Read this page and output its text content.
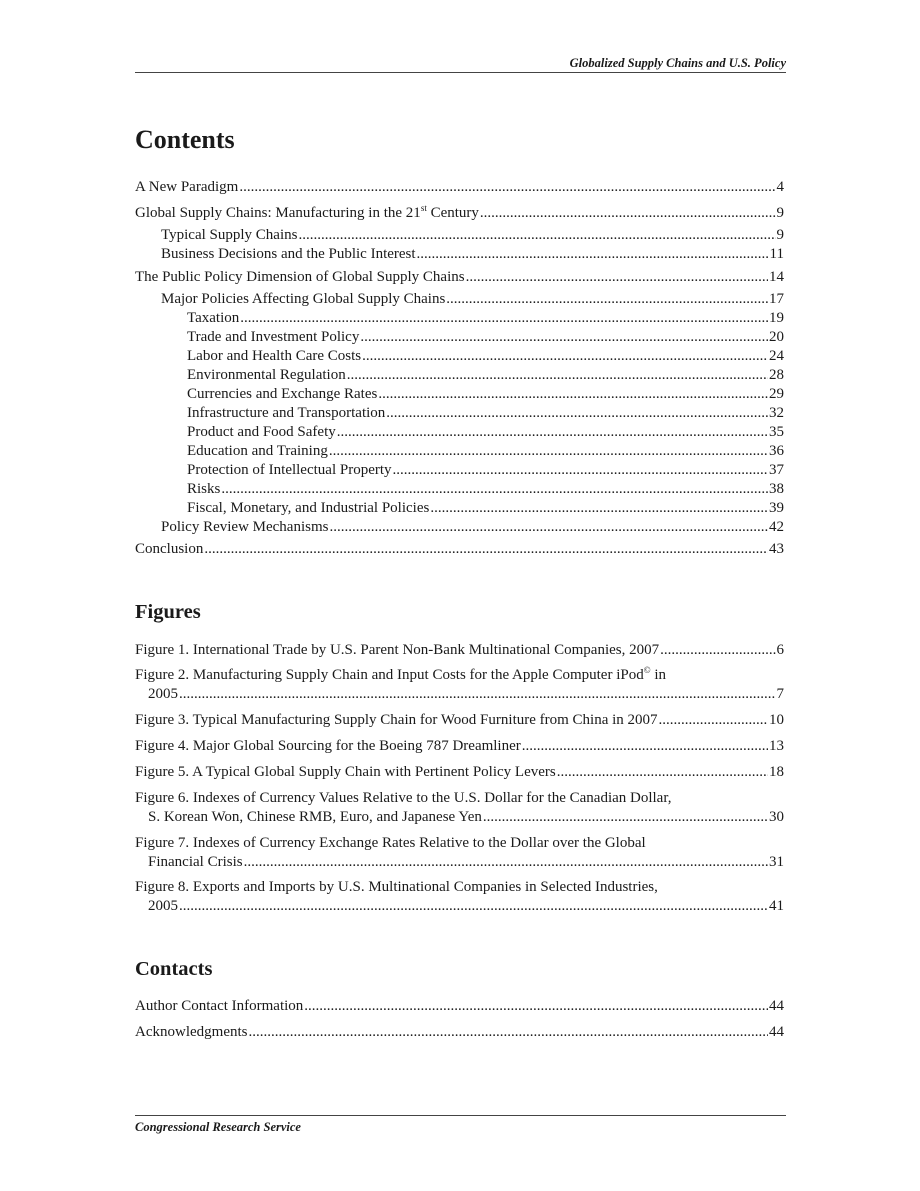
Globalized Supply Chains and U.S. Policy
Contents
A New Paradigm .....	4
Global Supply Chains: Manufacturing in the 21st Century .....	9
Typical Supply Chains .....	9
Business Decisions and the Public Interest .....	11
The Public Policy Dimension of Global Supply Chains .....	14
Major Policies Affecting Global Supply Chains .....	17
Taxation .....	19
Trade and Investment Policy .....	20
Labor and Health Care Costs .....	24
Environmental Regulation .....	28
Currencies and Exchange Rates .....	29
Infrastructure and Transportation .....	32
Product and Food Safety .....	35
Education and Training .....	36
Protection of Intellectual Property .....	37
Risks .....	38
Fiscal, Monetary, and Industrial Policies .....	39
Policy Review Mechanisms .....	42
Conclusion .....	43
Figures
Figure 1. International Trade by U.S. Parent Non-Bank Multinational Companies, 2007 .....	6
Figure 2. Manufacturing Supply Chain and Input Costs for the Apple Computer iPod© in
2005 .....	7
Figure 3. Typical Manufacturing Supply Chain for Wood Furniture from China in 2007 .....	10
Figure 4. Major Global Sourcing for the Boeing 787 Dreamliner .....	13
Figure 5. A Typical Global Supply Chain with Pertinent Policy Levers .....	18
Figure 6. Indexes of Currency Values Relative to the U.S. Dollar for the Canadian Dollar,
S. Korean Won, Chinese RMB, Euro, and Japanese Yen .....	30
Figure 7. Indexes of Currency Exchange Rates Relative to the Dollar over the Global
Financial Crisis .....	31
Figure 8. Exports and Imports by U.S. Multinational Companies in Selected Industries,
2005 .....	41
Contacts
Author Contact Information .....	44
Acknowledgments .....	44
Congressional Research Service
